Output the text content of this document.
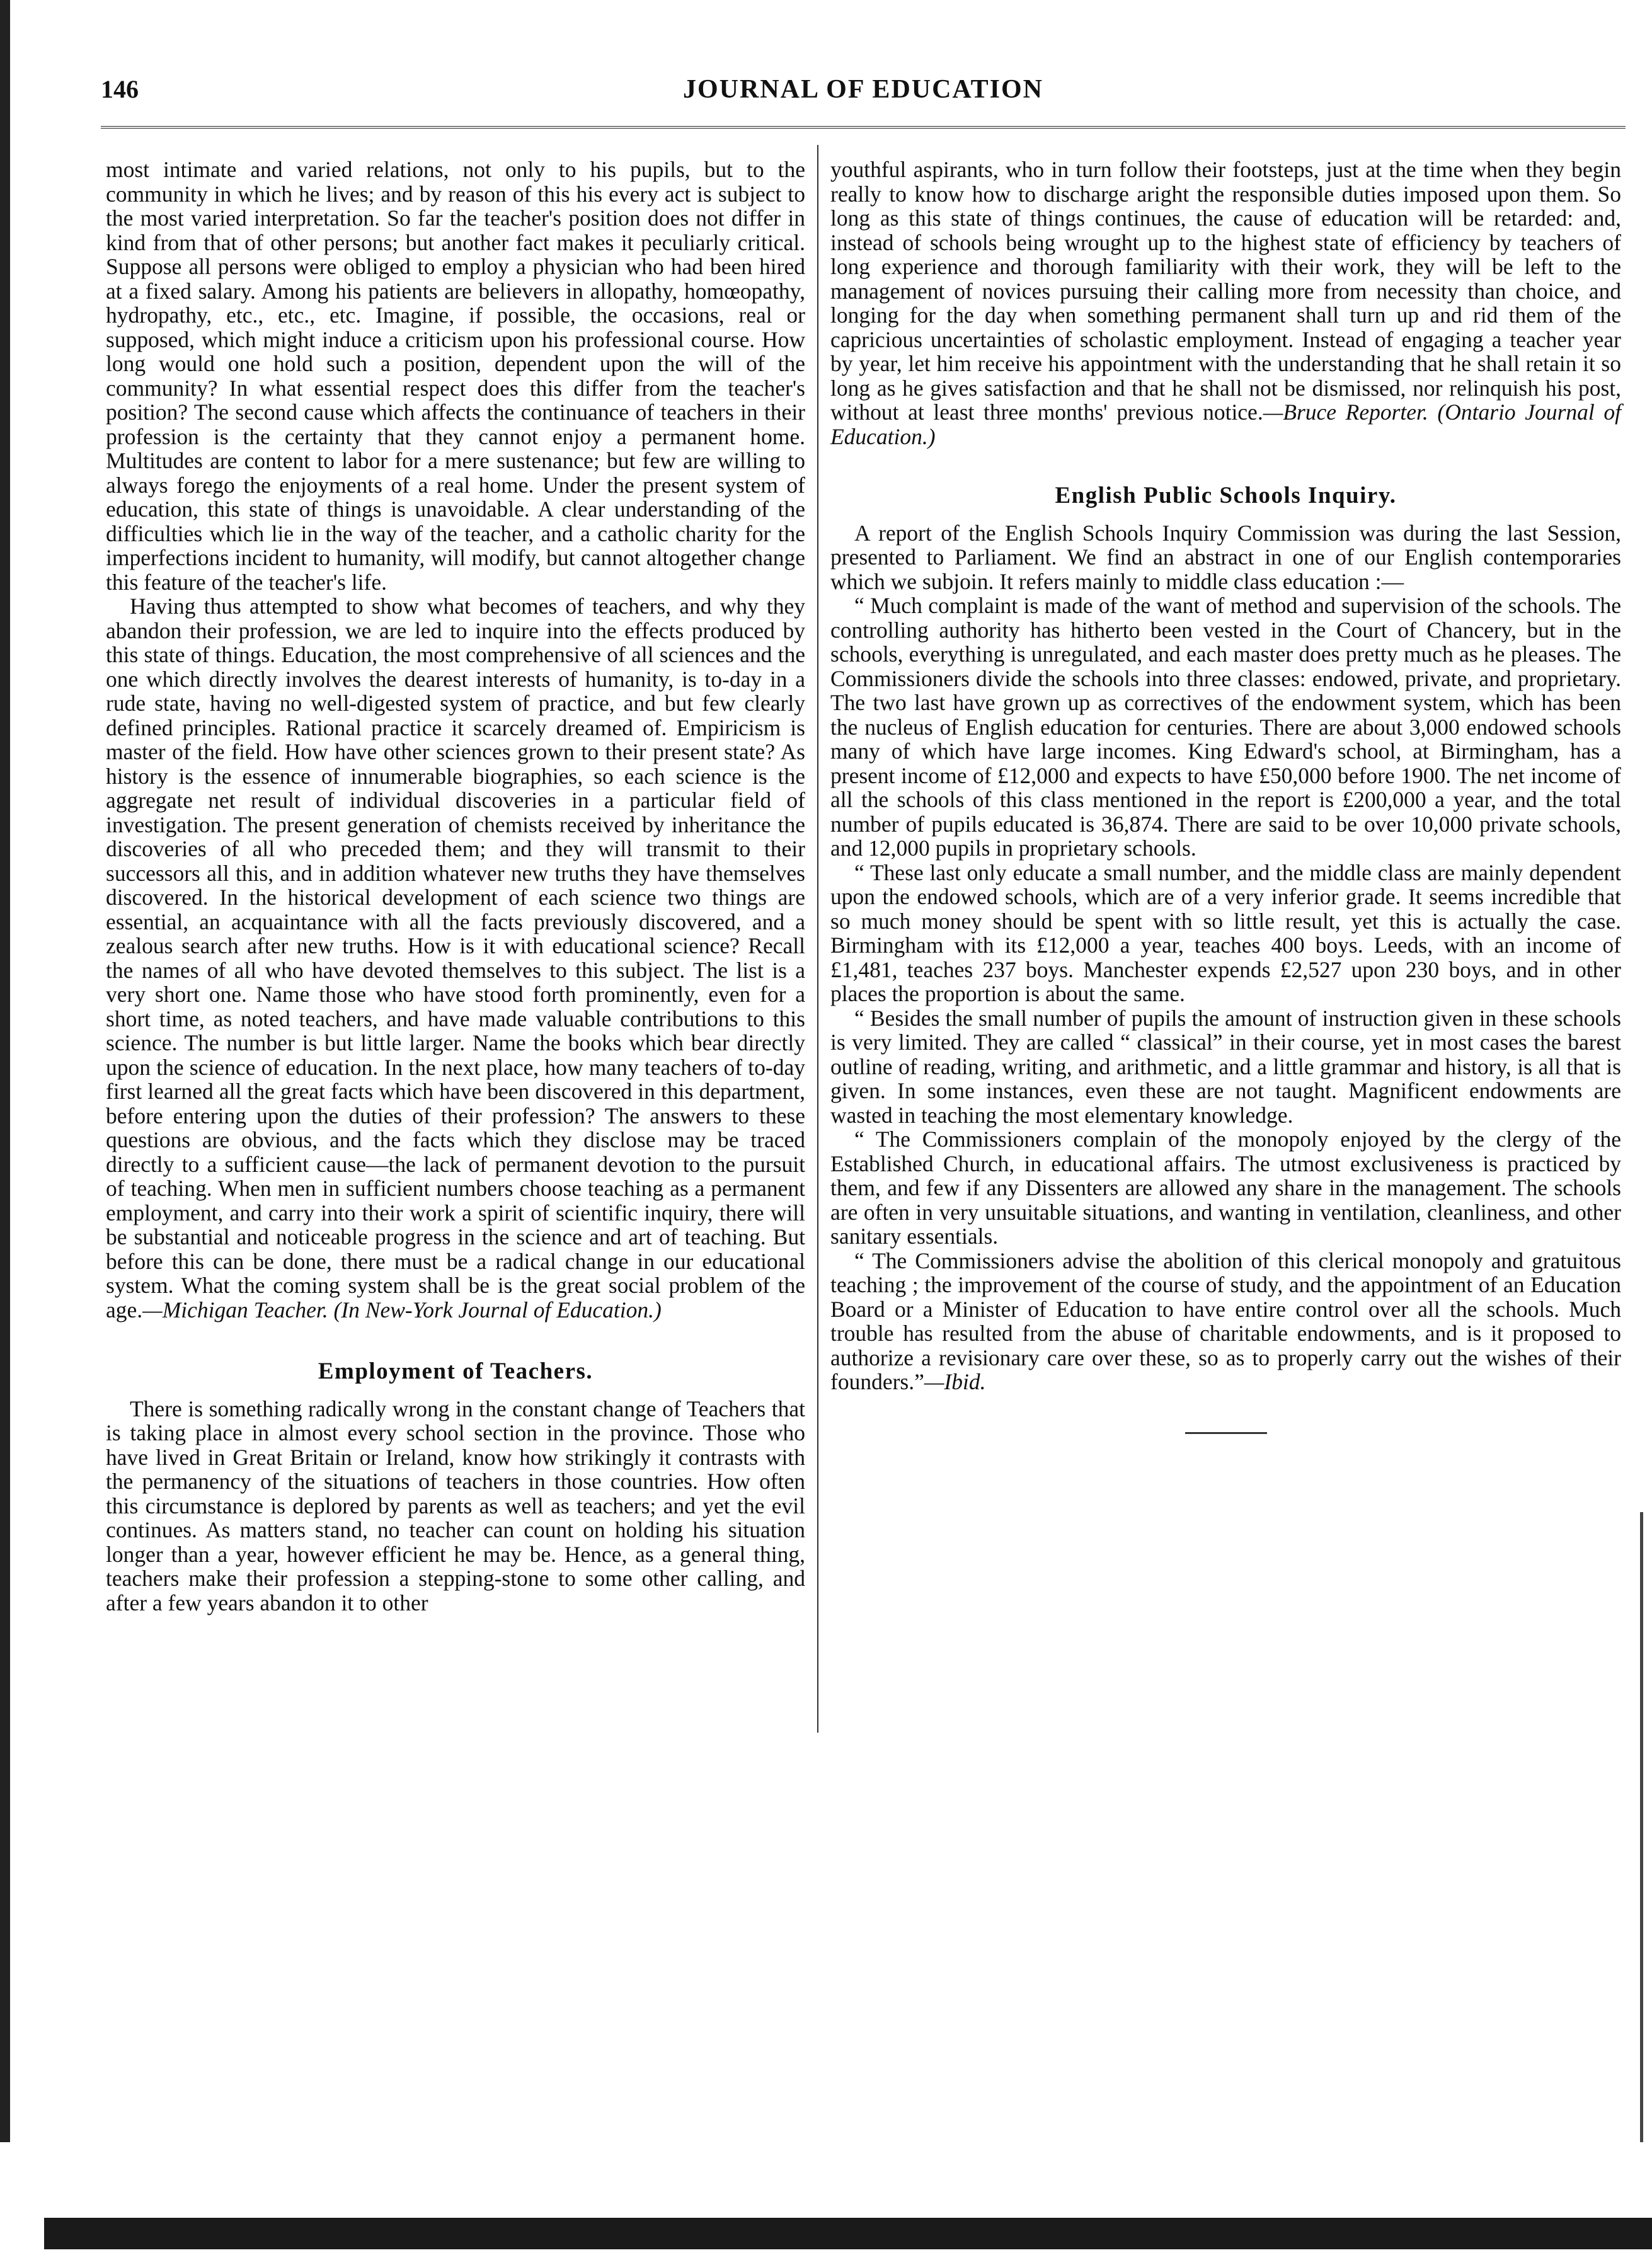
146	JOURNAL OF EDUCATION

most intimate and varied relations, not only to his pupils, but to the community in which he lives; and by reason of this his every act is subject to the most varied interpretation. So far the teacher's position does not differ in kind from that of other persons; but another fact makes it peculiarly critical. Suppose all persons were obliged to employ a physician who had been hired at a fixed salary. Among his patients are believers in allopathy, homœopathy, hydropathy, etc., etc., etc. Imagine, if possible, the occasions, real or supposed, which might induce a criticism upon his professional course. How long would one hold such a position, dependent upon the will of the community? In what essential respect does this differ from the teacher's position? The second cause which affects the continuance of teachers in their profession is the certainty that they cannot enjoy a permanent home. Multitudes are content to labor for a mere sustenance; but few are willing to always forego the enjoyments of a real home. Under the present system of education, this state of things is unavoidable. A clear understanding of the difficulties which lie in the way of the teacher, and a catholic charity for the imperfections incident to humanity, will modify, but cannot altogether change this feature of the teacher's life.

Having thus attempted to show what becomes of teachers, and why they abandon their profession, we are led to inquire into the effects produced by this state of things. Education, the most comprehensive of all sciences and the one which directly involves the dearest interests of humanity, is to-day in a rude state, having no well-digested system of practice, and but few clearly defined principles. Rational practice it scarcely dreamed of. Empiricism is master of the field. How have other sciences grown to their present state? As history is the essence of innumerable biographies, so each science is the aggregate net result of individual discoveries in a particular field of investigation. The present generation of chemists received by inheritance the discoveries of all who preceded them; and they will transmit to their successors all this, and in addition whatever new truths they have themselves discovered. In the historical development of each science two things are essential, an acquaintance with all the facts previously discovered, and a zealous search after new truths. How is it with educational science? Recall the names of all who have devoted themselves to this subject. The list is a very short one. Name those who have stood forth prominently, even for a short time, as noted teachers, and have made valuable contributions to this science. The number is but little larger. Name the books which bear directly upon the science of education. In the next place, how many teachers of to-day first learned all the great facts which have been discovered in this department, before entering upon the duties of their profession? The answers to these questions are obvious, and the facts which they disclose may be traced directly to a sufficient cause—the lack of permanent devotion to the pursuit of teaching. When men in sufficient numbers choose teaching as a permanent employment, and carry into their work a spirit of scientific inquiry, there will be substantial and noticeable progress in the science and art of teaching. But before this can be done, there must be a radical change in our educational system. What the coming system shall be is the great social problem of the age.—Michigan Teacher. (In New-York Journal of Education.)

Employment of Teachers.

There is something radically wrong in the constant change of Teachers that is taking place in almost every school section in the province. Those who have lived in Great Britain or Ireland, know how strikingly it contrasts with the permanency of the situations of teachers in those countries. How often this circumstance is deplored by parents as well as teachers; and yet the evil continues. As matters stand, no teacher can count on holding his situation longer than a year, however efficient he may be. Hence, as a general thing, teachers make their profession a stepping-stone to some other calling, and after a few years abandon it to other

youthful aspirants, who in turn follow their footsteps, just at the time when they begin really to know how to discharge aright the responsible duties imposed upon them. So long as this state of things continues, the cause of education will be retarded: and, instead of schools being wrought up to the highest state of efficiency by teachers of long experience and thorough familiarity with their work, they will be left to the management of novices pursuing their calling more from necessity than choice, and longing for the day when something permanent shall turn up and rid them of the capricious uncertainties of scholastic employment. Instead of engaging a teacher year by year, let him receive his appointment with the understanding that he shall retain it so long as he gives satisfaction and that he shall not be dismissed, nor relinquish his post, without at least three months' previous notice.—Bruce Reporter. (Ontario Journal of Education.)

English Public Schools Inquiry.

A report of the English Schools Inquiry Commission was during the last Session, presented to Parliament. We find an abstract in one of our English contemporaries which we subjoin. It refers mainly to middle class education :—

“ Much complaint is made of the want of method and supervision of the schools. The controlling authority has hitherto been vested in the Court of Chancery, but in the schools, everything is unregulated, and each master does pretty much as he pleases. The Commissioners divide the schools into three classes: endowed, private, and proprietary. The two last have grown up as correctives of the endowment system, which has been the nucleus of English education for centuries. There are about 3,000 endowed schools many of which have large incomes. King Edward's school, at Birmingham, has a present income of £12,000 and expects to have £50,000 before 1900. The net income of all the schools of this class mentioned in the report is £200,000 a year, and the total number of pupils educated is 36,874. There are said to be over 10,000 private schools, and 12,000 pupils in proprietary schools.

“ These last only educate a small number, and the middle class are mainly dependent upon the endowed schools, which are of a very inferior grade. It seems incredible that so much money should be spent with so little result, yet this is actually the case. Birmingham with its £12,000 a year, teaches 400 boys. Leeds, with an income of £1,481, teaches 237 boys. Manchester expends £2,527 upon 230 boys, and in other places the proportion is about the same.

“ Besides the small number of pupils the amount of instruction given in these schools is very limited. They are called “ classical” in their course, yet in most cases the barest outline of reading, writing, and arithmetic, and a little grammar and history, is all that is given. In some instances, even these are not taught. Magnificent endowments are wasted in teaching the most elementary knowledge.

“ The Commissioners complain of the monopoly enjoyed by the clergy of the Established Church, in educational affairs. The utmost exclusiveness is practiced by them, and few if any Dissenters are allowed any share in the management. The schools are often in very unsuitable situations, and wanting in ventilation, cleanliness, and other sanitary essentials.

“ The Commissioners advise the abolition of this clerical monopoly and gratuitous teaching ; the improvement of the course of study, and the appointment of an Education Board or a Minister of Education to have entire control over all the schools. Much trouble has resulted from the abuse of charitable endowments, and is it proposed to authorize a revisionary care over these, so as to properly carry out the wishes of their founders.”—Ibid.
